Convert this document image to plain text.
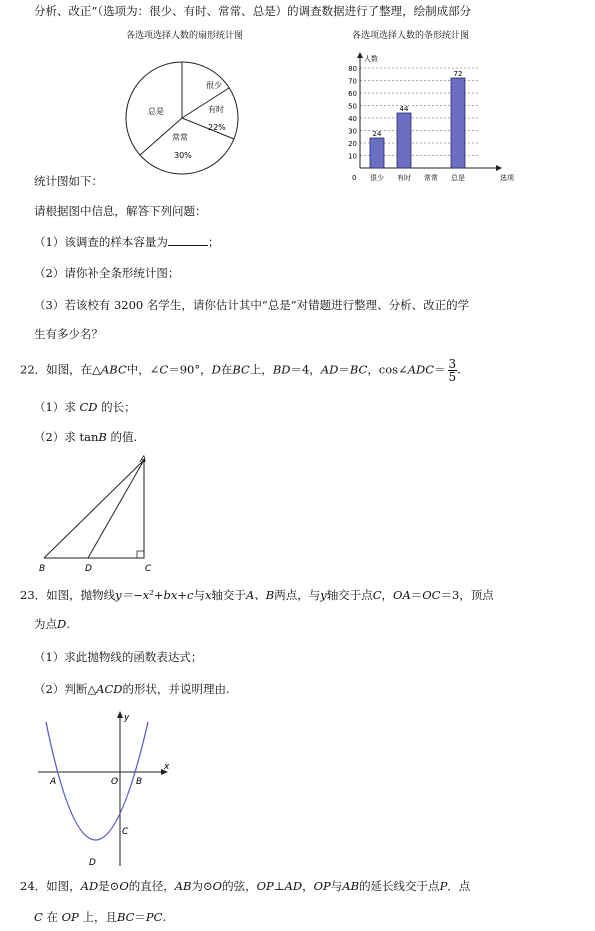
分析、改正”（选项为：很少、有时、常常、总是）的调查数据进行了整理，绘制成部分
各选项选择人数的扇形统计图	各选项选择人数的条形统计图
很少
有时
22%
常常
30%
总是
10
20
30
40
50
60
70
80
人数
0	选项
很少
24
有时
44
常常 总是
72
统计图如下：
请根据图中信息，解答下列问题：
（1）该调查的样本容量为	；
（2）请你补全条形统计图；
（3）若该校有 3200 名学生，请你估计其中“总是”对错题进行整理、分析、改正的学
生有多少名？
22．如图，在△ABC中，∠C＝90°，D在BC上，BD＝4，AD＝BC，cos∠ADC＝ $\frac{3}{5}$ .
（1）求 CD 的长；
（2）求 tanB 的值.
A
B	D	C
23．如图，抛物线y＝−x²+bx+c与x轴交于A、B两点，与y轴交于点C，OA＝OC＝3，顶点
为点D.
（1）求此抛物线的函数表达式；
（2）判断△ACD的形状，并说明理由.
y
x
A	O B
C
D
24．如图，AD是⊙O的直径，AB为⊙O的弦，OP⊥AD，OP与AB的延长线交于点P．点
C 在 OP 上，且BC＝PC.
